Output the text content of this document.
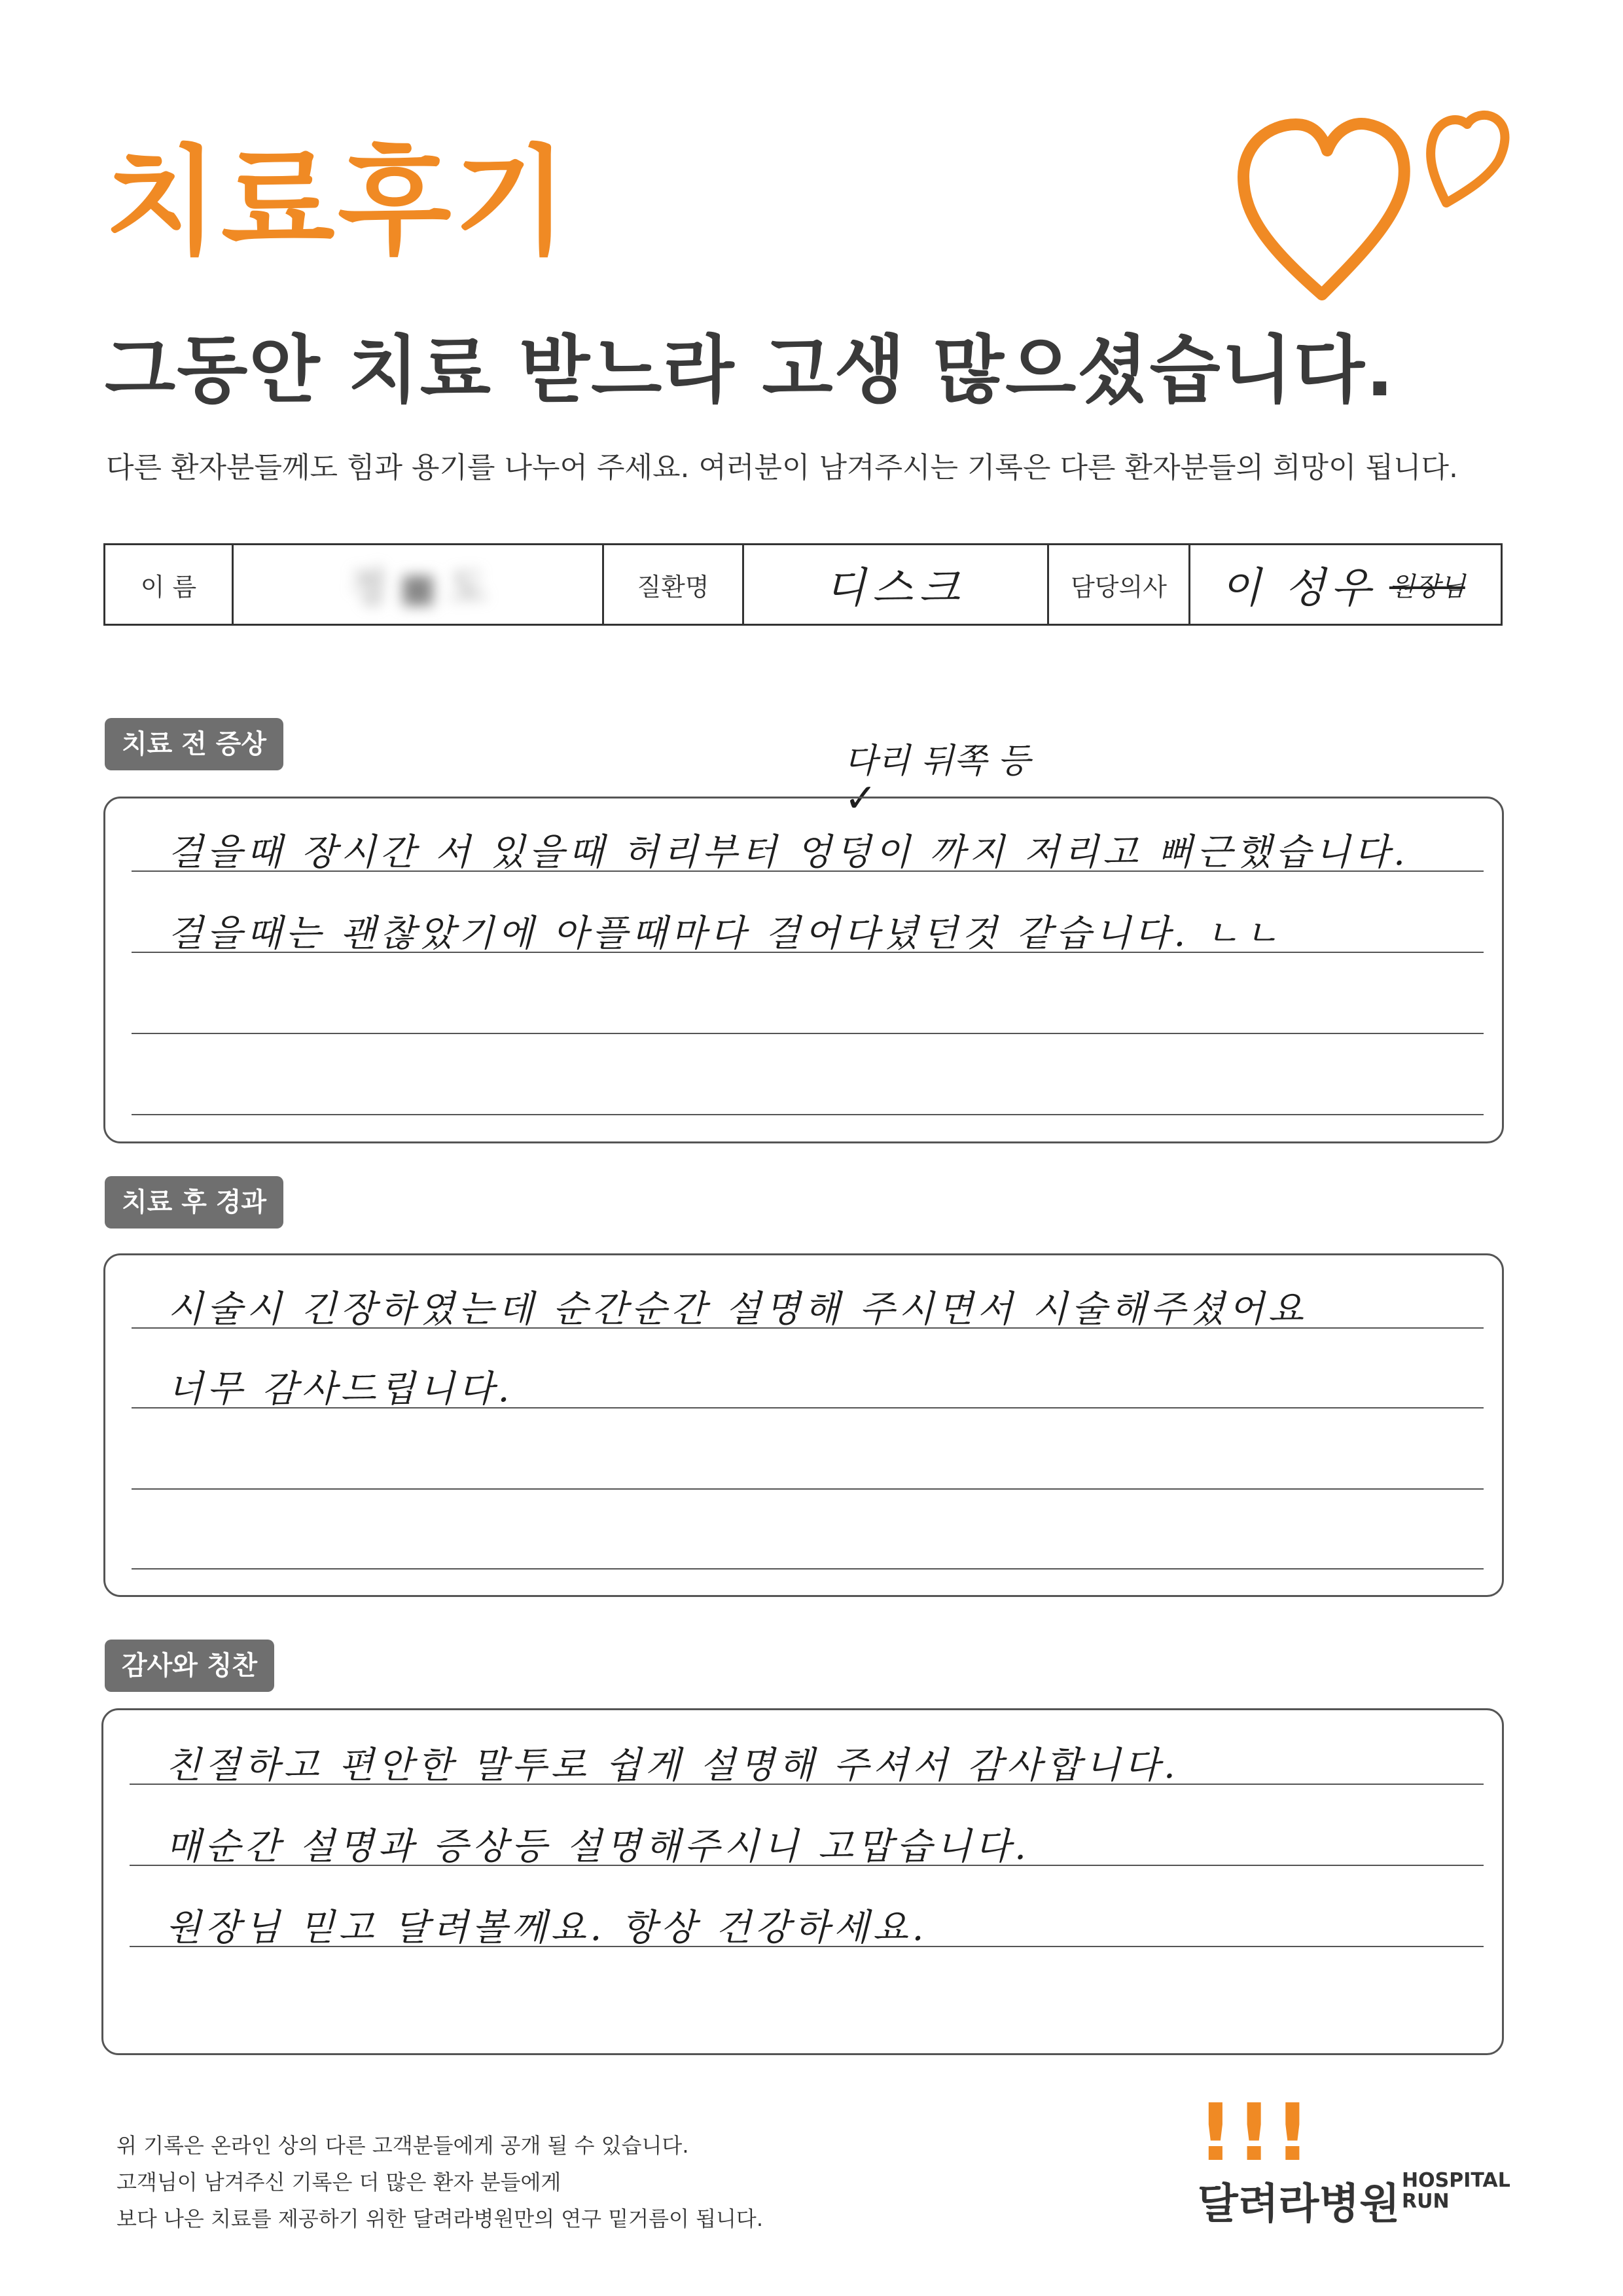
치료후기
그동안 치료 받느라 고생 많으셨습니다.
다른 환자분들께도 힘과 용기를 나누어 주세요. 여러분이 남겨주시는 기록은 다른 환자분들의 희망이 됩니다.
이 름	정 ■ 도	질환명	디스크	담당의사	이 성우 원장님
치료 전 증상	다리 뒤쪽 등
✓
걸을때 장시간 서 있을때 허리부터 엉덩이 까지 저리고 뻐근했습니다.
걸을때는 괜찮았기에 아플때마다 걸어다녔던것 같습니다. ㄴㄴ
치료 후 경과
시술시 긴장하였는데 순간순간 설명해 주시면서 시술해주셨어요
너무 감사드립니다.
감사와 칭찬
친절하고 편안한 말투로 쉽게 설명해 주셔서 감사합니다.
매순간 설명과 증상등 설명해주시니 고맙습니다.
원장님 믿고 달려볼께요. 항상 건강하세요.
위 기록은 온라인 상의 다른 고객분들에게 공개 될 수 있습니다.
고객님이 남겨주신 기록은 더 많은 환자 분들에게
보다 나은 치료를 제공하기 위한 달려라병원만의 연구 밑거름이 됩니다.
!!!
달려라병원 HOSPITAL
RUN
